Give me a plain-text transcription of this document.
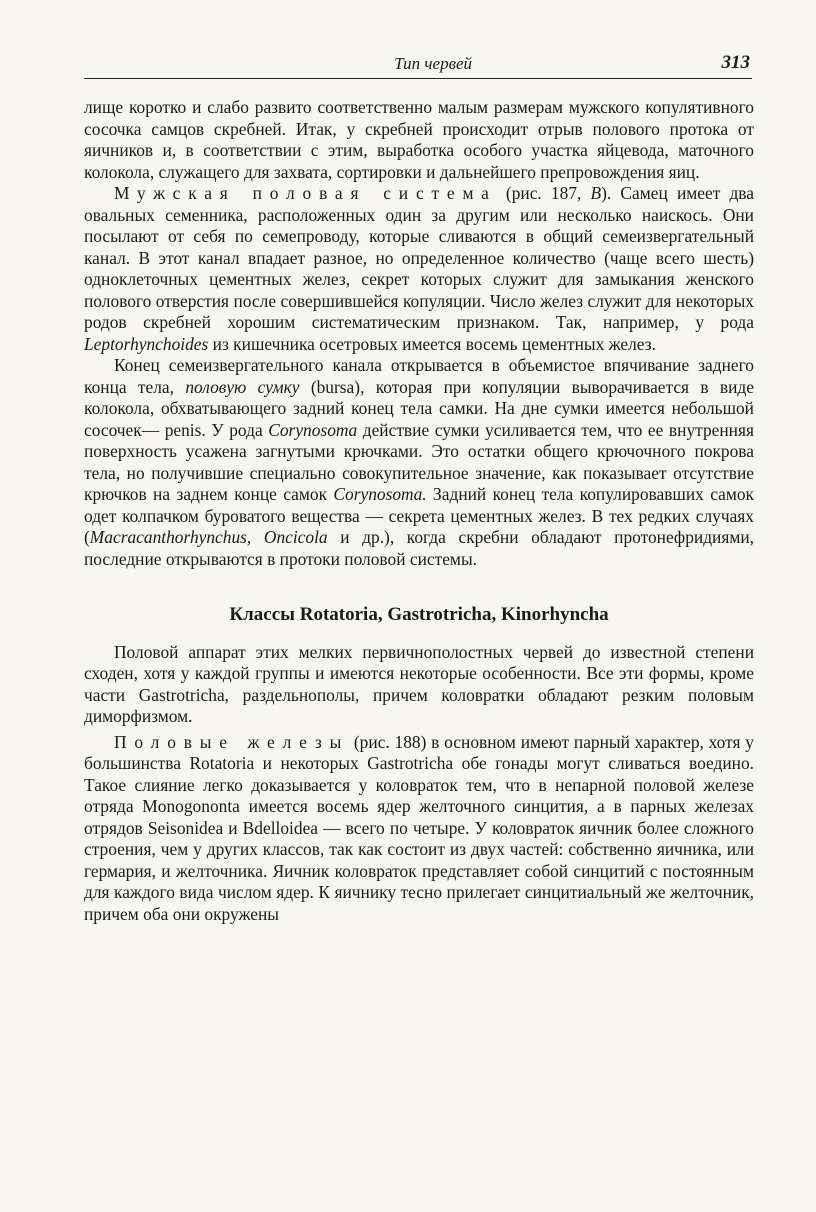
Тип червей	313

лище коротко и слабо развито соответственно малым размерам мужского копулятивного сосочка самцов скребней. Итак, у скребней происходит отрыв полового протока от яичников и, в соответствии с этим, выработка особого участка яйцевода, маточного колокола, служащего для захвата, сортировки и дальнейшего препровождения яиц.

Мужская половая система (рис. 187, В). Самец имеет два овальных семенника, расположенных один за другим или несколько наискось. Они посылают от себя по семепроводу, которые сливаются в общий семеизвергательный канал. В этот канал впадает разное, но определенное количество (чаще всего шесть) одноклеточных цементных желез, секрет которых служит для замыкания женского полового отверстия после совершившейся копуляции. Число желез служит для некоторых родов скребней хорошим систематическим признаком. Так, например, у рода Leptorhynchoides из кишечника осетровых имеется восемь цементных желез.

Конец семеизвергательного канала открывается в объемистое впячивание заднего конца тела, половую сумку (bursa), которая при копуляции выворачивается в виде колокола, обхватывающего задний конец тела самки. На дне сумки имеется небольшой сосочек— penis. У рода Corynosoma действие сумки усиливается тем, что ее внутренняя поверхность усажена загнутыми крючками. Это остатки общего крючочного покрова тела, но получившие специально совокупительное значение, как показывает отсутствие крючков на заднем конце самок Corynosoma. Задний конец тела копулировавших самок одет колпачком буроватого вещества — секрета цементных желез. В тех редких случаях (Macracanthorhynchus, Oncicola и др.), когда скребни обладают протонефридиями, последние открываются в протоки половой системы.

Классы Rotatoria, Gastrotricha, Kinorhyncha

Половой аппарат этих мелких первичнополостных червей до известной степени сходен, хотя у каждой группы и имеются некоторые особенности. Все эти формы, кроме части Gastrotricha, раздельнополы, причем коловратки обладают резким половым диморфизмом.

Половые железы (рис. 188) в основном имеют парный характер, хотя у большинства Rotatoria и некоторых Gastrotricha обе гонады могут сливаться воедино. Такое слияние легко доказывается у коловраток тем, что в непарной половой железе отряда Monogononta имеется восемь ядер желточного синцития, а в парных железах отрядов Seisonidea и Bdelloidea — всего по четыре. У коловраток яичник более сложного строения, чем у других классов, так как состоит из двух частей: собственно яичника, или гермария, и желточника. Яичник коловраток представляет собой синцитий с постоянным для каждого вида числом ядер. К яичнику тесно прилегает синцитиальный же желточник, причем оба они окружены
